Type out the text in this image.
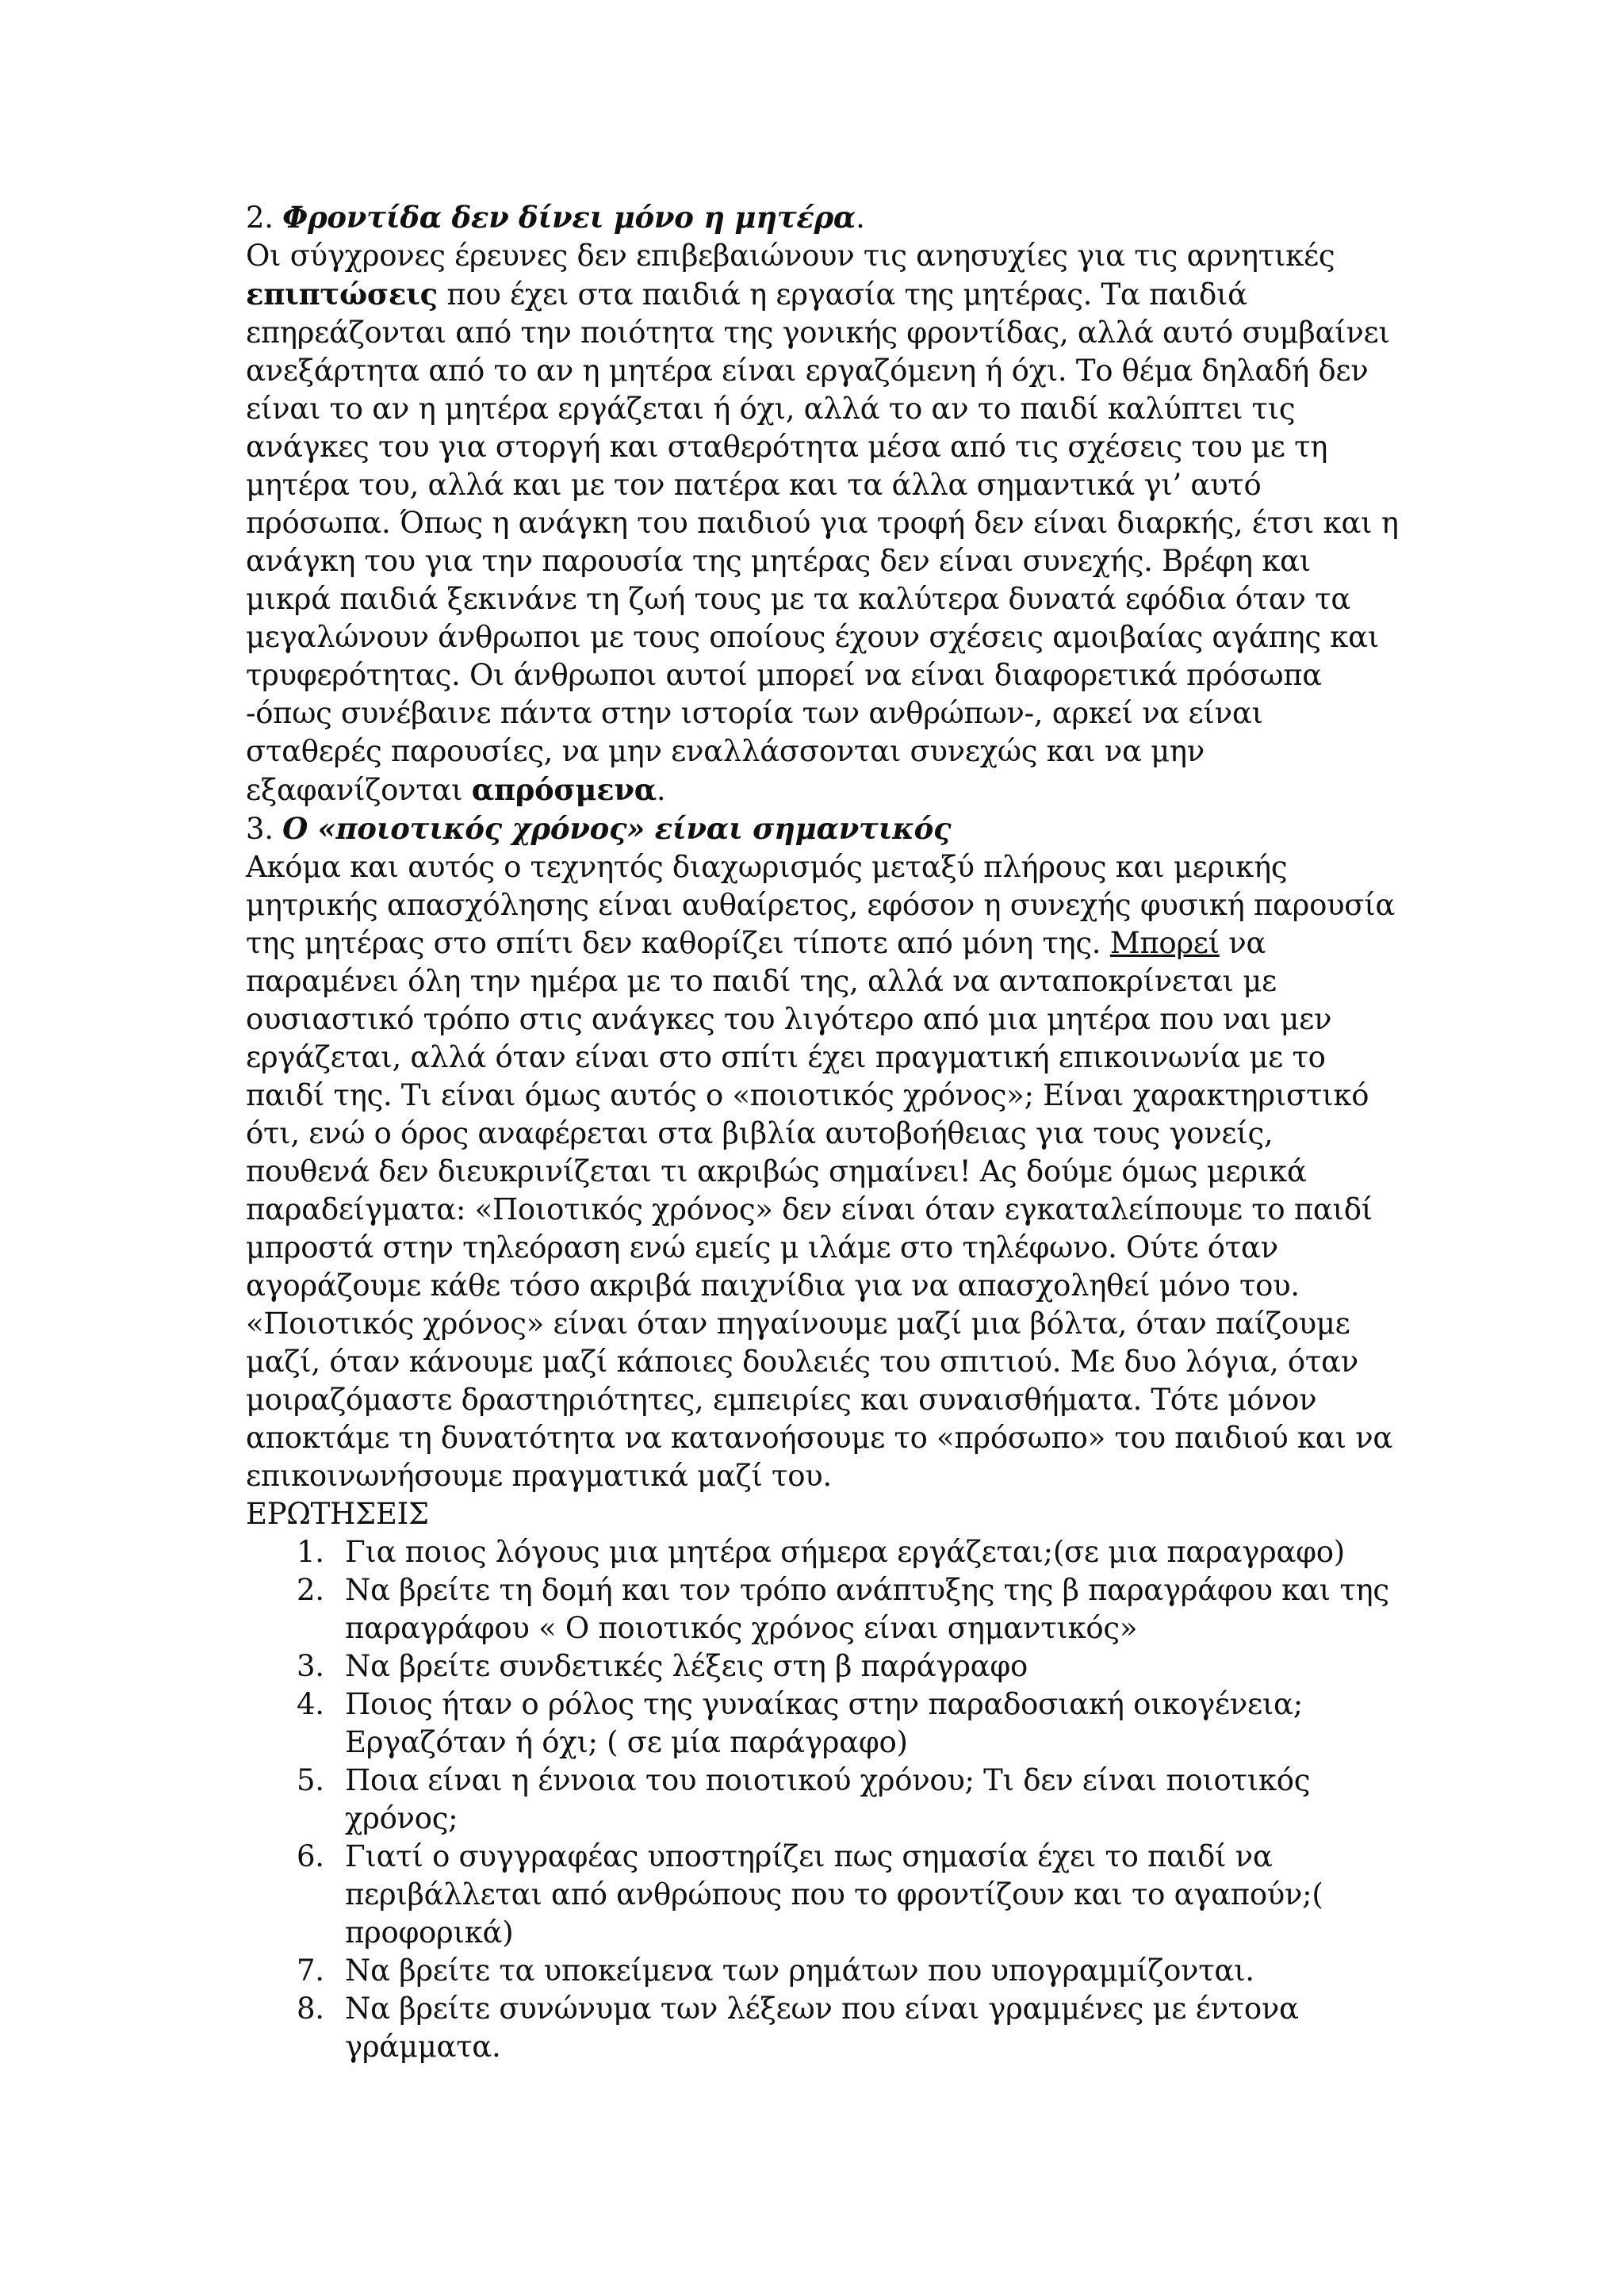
2. Φροντίδα δεν δίνει μόνο η μητέρα.

Οι σύγχρονες έρευνες δεν επιβεβαιώνουν τις ανησυχίες για τις αρνητικές επιπτώσεις που έχει στα παιδιά η εργασία της μητέρας. Τα παιδιά επηρεάζονται από την ποιότητα της γονικής φροντίδας, αλλά αυτό συμβαίνει ανεξάρτητα από το αν η μητέρα είναι εργαζόμενη ή όχι. Το θέμα δηλαδή δεν είναι το αν η μητέρα εργάζεται ή όχι, αλλά το αν το παιδί καλύπτει τις ανάγκες του για στοργή και σταθερότητα μέσα από τις σχέσεις του με τη μητέρα του, αλλά και με τον πατέρα και τα άλλα σημαντικά γι’ αυτό πρόσωπα. Όπως η ανάγκη του παιδιού για τροφή δεν είναι διαρκής, έτσι και η ανάγκη του για την παρουσία της μητέρας δεν είναι συνεχής. Βρέφη και μικρά παιδιά ξεκινάνε τη ζωή τους με τα καλύτερα δυνατά εφόδια όταν τα μεγαλώνουν άνθρωποι με τους οποίους έχουν σχέσεις αμοιβαίας αγάπης και τρυφερότητας. Οι άνθρωποι αυτοί μπορεί να είναι διαφορετικά πρόσωπα -όπως συνέβαινε πάντα στην ιστορία των ανθρώπων-, αρκεί να είναι σταθερές παρουσίες, να μην εναλλάσσονται συνεχώς και να μην εξαφανίζονται απρόσμενα.

3. Ο «ποιοτικός χρόνος» είναι σημαντικός

Ακόμα και αυτός ο τεχνητός διαχωρισμός μεταξύ πλήρους και μερικής μητρικής απασχόλησης είναι αυθαίρετος, εφόσον η συνεχής φυσική παρουσία της μητέρας στο σπίτι δεν καθορίζει τίποτε από μόνη της. Μπορεί να παραμένει όλη την ημέρα με το παιδί της, αλλά να ανταποκρίνεται με ουσιαστικό τρόπο στις ανάγκες του λιγότερο από μια μητέρα που ναι μεν εργάζεται, αλλά όταν είναι στο σπίτι έχει πραγματική επικοινωνία με το παιδί της. Τι είναι όμως αυτός ο «ποιοτικός χρόνος»; Είναι χαρακτηριστικό ότι, ενώ ο όρος αναφέρεται στα βιβλία αυτοβοήθειας για τους γονείς, πουθενά δεν διευκρινίζεται τι ακριβώς σημαίνει! Ας δούμε όμως μερικά παραδείγματα: «Ποιοτικός χρόνος» δεν είναι όταν εγκαταλείπουμε το παιδί μπροστά στην τηλεόραση ενώ εμείς μ ιλάμε στο τηλέφωνο. Ούτε όταν αγοράζουμε κάθε τόσο ακριβά παιχνίδια για να απασχοληθεί μόνο του. «Ποιοτικός χρόνος» είναι όταν πηγαίνουμε μαζί μια βόλτα, όταν παίζουμε μαζί, όταν κάνουμε μαζί κάποιες δουλειές του σπιτιού. Με δυο λόγια, όταν μοιραζόμαστε δραστηριότητες, εμπειρίες και συναισθήματα. Τότε μόνον αποκτάμε τη δυνατότητα να κατανοήσουμε το «πρόσωπο» του παιδιού και να επικοινωνήσουμε πραγματικά μαζί του.

ΕΡΩΤΗΣΕΙΣ

1. Για ποιος λόγους μια μητέρα σήμερα εργάζεται;(σε μια παραγραφο)
2. Να βρείτε τη δομή και τον τρόπο ανάπτυξης της β παραγράφου και της παραγράφου « Ο ποιοτικός χρόνος είναι σημαντικός»
3. Να βρείτε συνδετικές λέξεις στη β παράγραφο
4. Ποιος ήταν ο ρόλος της γυναίκας στην παραδοσιακή οικογένεια; Εργαζόταν ή όχι; ( σε μία παράγραφο)
5. Ποια είναι η έννοια του ποιοτικού χρόνου; Τι δεν είναι ποιοτικός χρόνος;
6. Γιατί ο συγγραφέας υποστηρίζει πως σημασία έχει το παιδί να περιβάλλεται από ανθρώπους που το φροντίζουν και το αγαπούν;( προφορικά)
7. Να βρείτε τα υποκείμενα των ρημάτων που υπογραμμίζονται.
8. Να βρείτε συνώνυμα των λέξεων που είναι γραμμένες με έντονα γράμματα.
